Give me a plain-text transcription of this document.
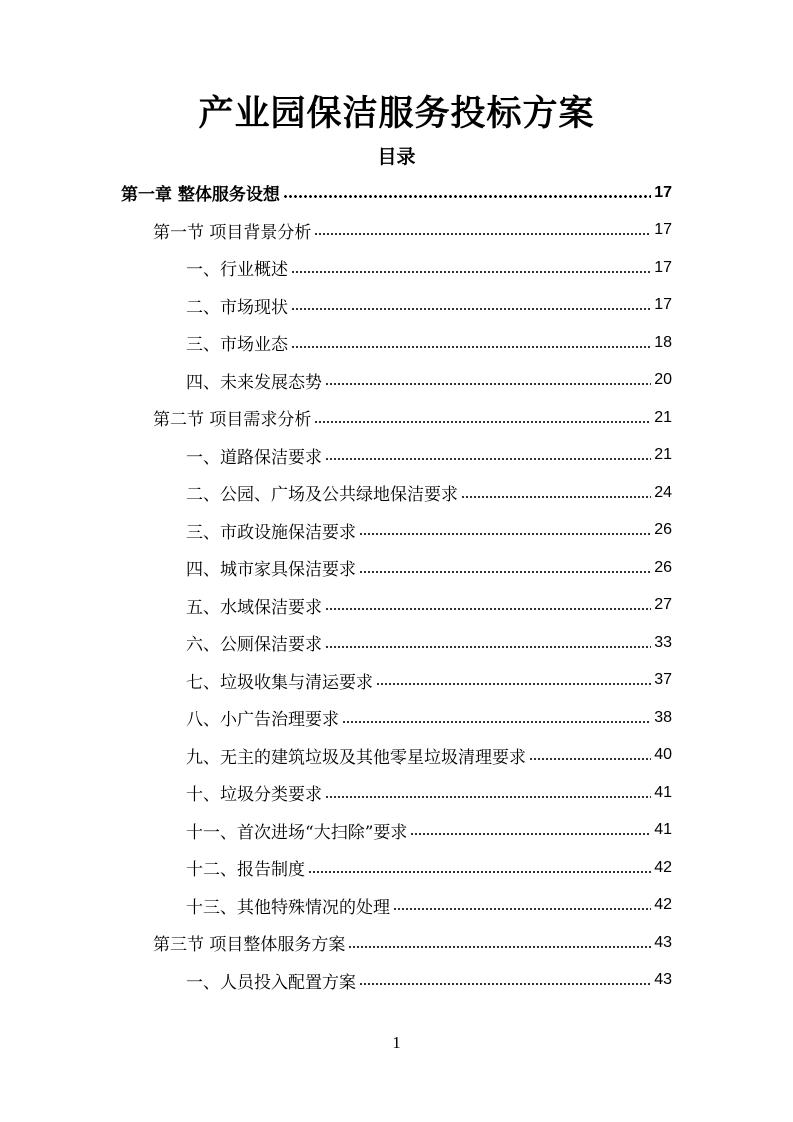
产业园保洁服务投标方案
目录
第一章 整体服务设想	17
第一节 项目背景分析	17
一、行业概述	17
二、市场现状	17
三、市场业态	18
四、未来发展态势	20
第二节 项目需求分析	21
一、道路保洁要求	21
二、公园、广场及公共绿地保洁要求	24
三、市政设施保洁要求	26
四、城市家具保洁要求	26
五、水域保洁要求	27
六、公厕保洁要求	33
七、垃圾收集与清运要求	37
八、小广告治理要求	38
九、无主的建筑垃圾及其他零星垃圾清理要求	40
十、垃圾分类要求	41
十一、首次进场“大扫除”要求	41
十二、报告制度	42
十三、其他特殊情况的处理	42
第三节 项目整体服务方案	43
一、人员投入配置方案	43
1
